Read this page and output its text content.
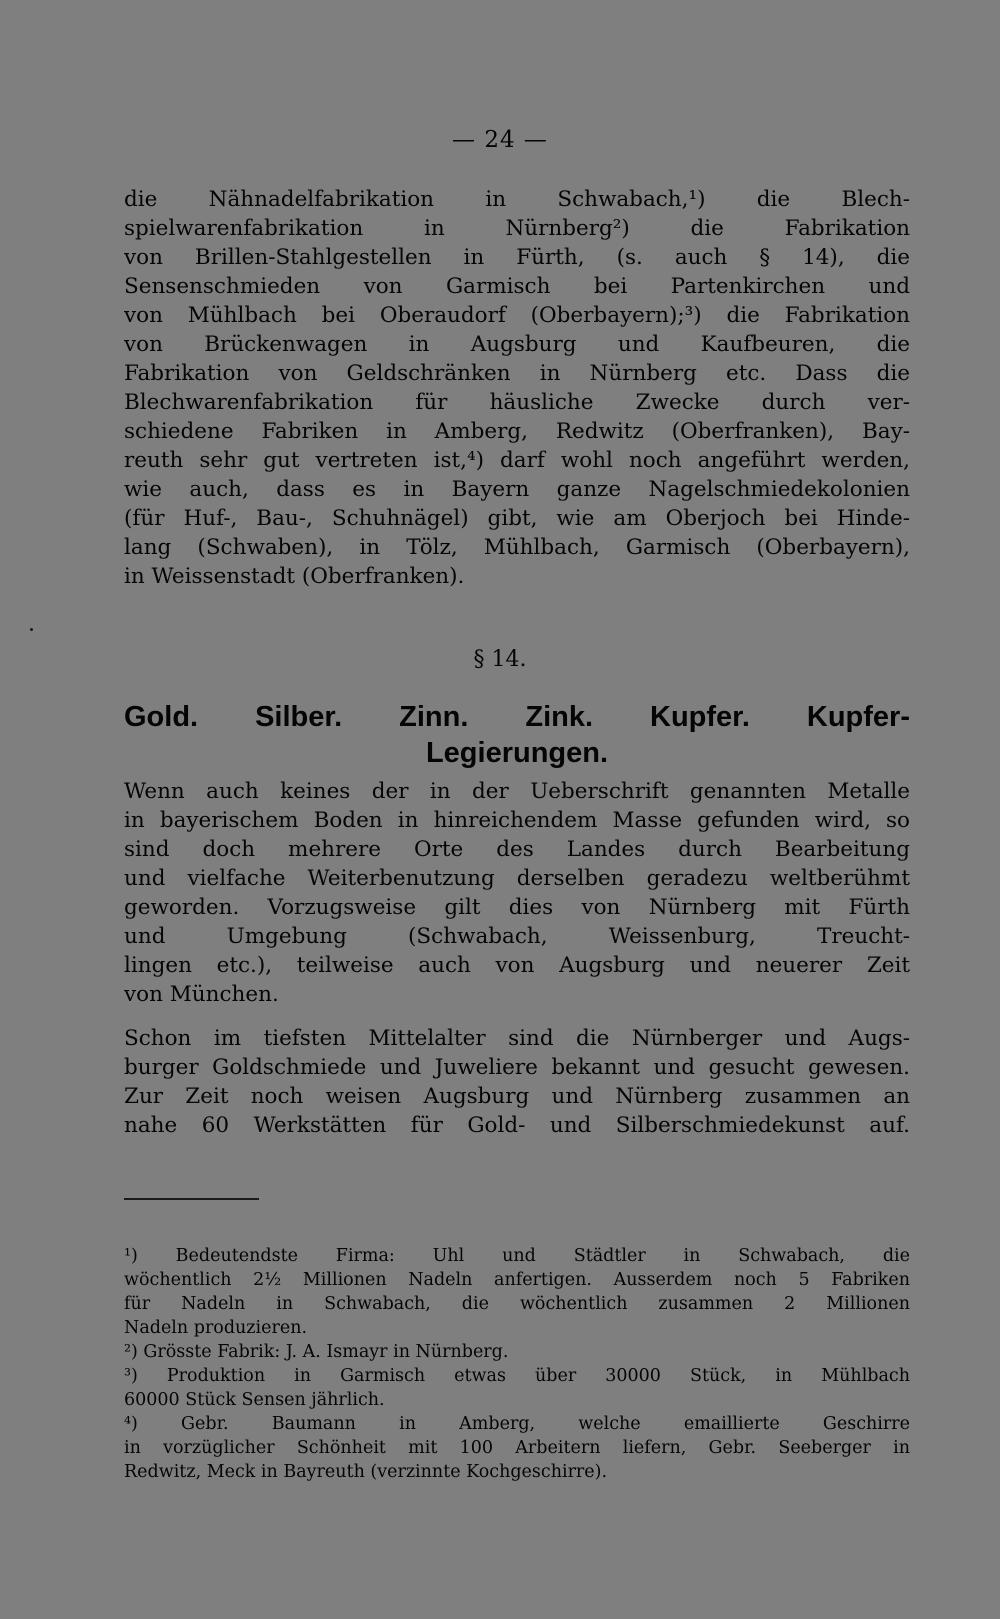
— 24 —
die Nähnadelfabrikation in Schwabach,¹) die Blech-
spielwarenfabrikation in Nürnberg²) die Fabrikation
von Brillen-Stahlgestellen in Fürth, (s. auch § 14), die
Sensenschmieden von Garmisch bei Partenkirchen und
von Mühlbach bei Oberaudorf (Oberbayern);³) die Fabrikation
von Brückenwagen in Augsburg und Kaufbeuren, die
Fabrikation von Geldschränken in Nürnberg etc. Dass die
Blechwarenfabrikation für häusliche Zwecke durch ver-
schiedene Fabriken in Amberg, Redwitz (Oberfranken), Bay-
reuth sehr gut vertreten ist,⁴) darf wohl noch angeführt werden,
wie auch, dass es in Bayern ganze Nagelschmiedekolonien
(für Huf-, Bau-, Schuhnägel) gibt, wie am Oberjoch bei Hinde-
lang (Schwaben), in Tölz, Mühlbach, Garmisch (Oberbayern),
in Weissenstadt (Oberfranken).
§ 14.
Gold. Silber. Zinn. Zink. Kupfer. Kupfer-
Legierungen.
Wenn auch keines der in der Ueberschrift genannten Metalle
in bayerischem Boden in hinreichendem Masse gefunden wird, so
sind doch mehrere Orte des Landes durch Bearbeitung
und vielfache Weiterbenutzung derselben geradezu weltberühmt
geworden. Vorzugsweise gilt dies von Nürnberg mit Fürth
und Umgebung (Schwabach, Weissenburg, Treucht-
lingen etc.), teilweise auch von Augsburg und neuerer Zeit
von München.
Schon im tiefsten Mittelalter sind die Nürnberger und Augs-
burger Goldschmiede und Juweliere bekannt und gesucht gewesen.
Zur Zeit noch weisen Augsburg und Nürnberg zusammen an
nahe 60 Werkstätten für Gold- und Silberschmiedekunst auf.
¹) Bedeutendste Firma: Uhl und Städtler in Schwabach, die
wöchentlich 2½ Millionen Nadeln anfertigen. Ausserdem noch 5 Fabriken
für Nadeln in Schwabach, die wöchentlich zusammen 2 Millionen
Nadeln produzieren.
²) Grösste Fabrik: J. A. Ismayr in Nürnberg.
³) Produktion in Garmisch etwas über 30000 Stück, in Mühlbach
60000 Stück Sensen jährlich.
⁴) Gebr. Baumann in Amberg, welche emaillierte Geschirre
in vorzüglicher Schönheit mit 100 Arbeitern liefern, Gebr. Seeberger in
Redwitz, Meck in Bayreuth (verzinnte Kochgeschirre).
